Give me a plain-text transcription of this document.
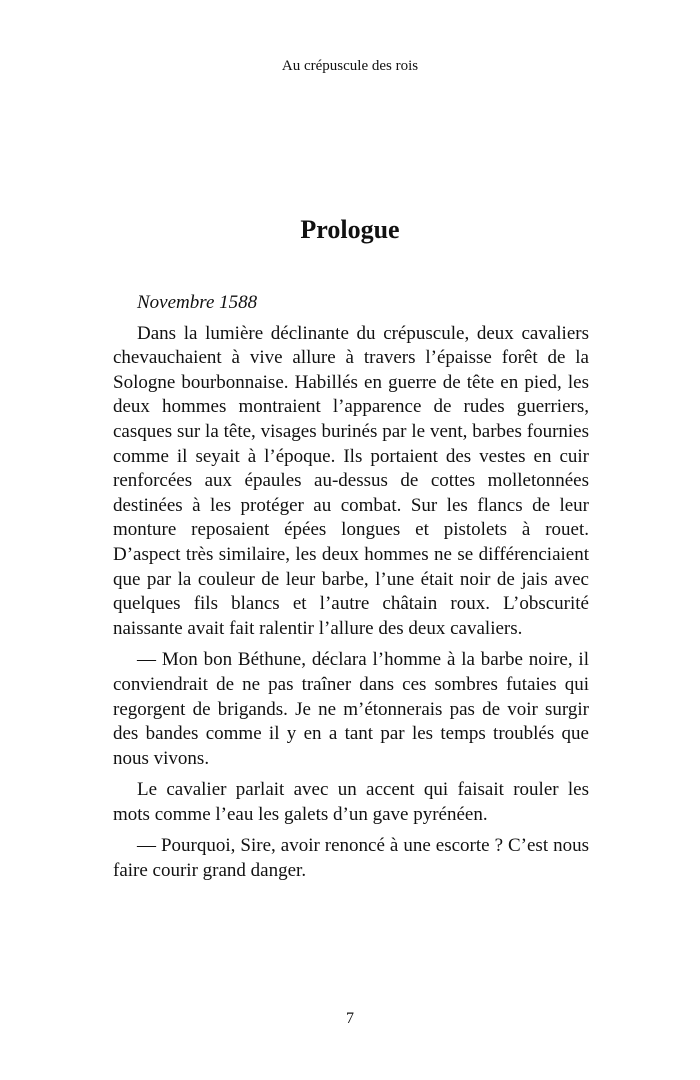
Au crépuscule des rois
Prologue

Novembre 1588

Dans la lumière déclinante du crépuscule, deux cavaliers chevauchaient à vive allure à travers l’épaisse forêt de la Sologne bourbonnaise. Habillés en guerre de tête en pied, les deux hommes montraient l’apparence de rudes guerriers, casques sur la tête, visages burinés par le vent, barbes fournies comme il seyait à l’époque. Ils portaient des vestes en cuir renforcées aux épaules au-dessus de cottes molletonnées destinées à les protéger au combat. Sur les flancs de leur monture reposaient épées longues et pistolets à rouet. D’aspect très similaire, les deux hommes ne se différenciaient que par la couleur de leur barbe, l’une était noir de jais avec quelques fils blancs et l’autre châtain roux. L’obscurité naissante avait fait ralentir l’allure des deux cavaliers.

— Mon bon Béthune, déclara l’homme à la barbe noire, il conviendrait de ne pas traîner dans ces sombres futaies qui regorgent de brigands. Je ne m’étonnerais pas de voir surgir des bandes comme il y en a tant par les temps troublés que nous vivons.

Le cavalier parlait avec un accent qui faisait rouler les mots comme l’eau les galets d’un gave pyrénéen.

— Pourquoi, Sire, avoir renoncé à une escorte ? C’est nous faire courir grand danger.

7
